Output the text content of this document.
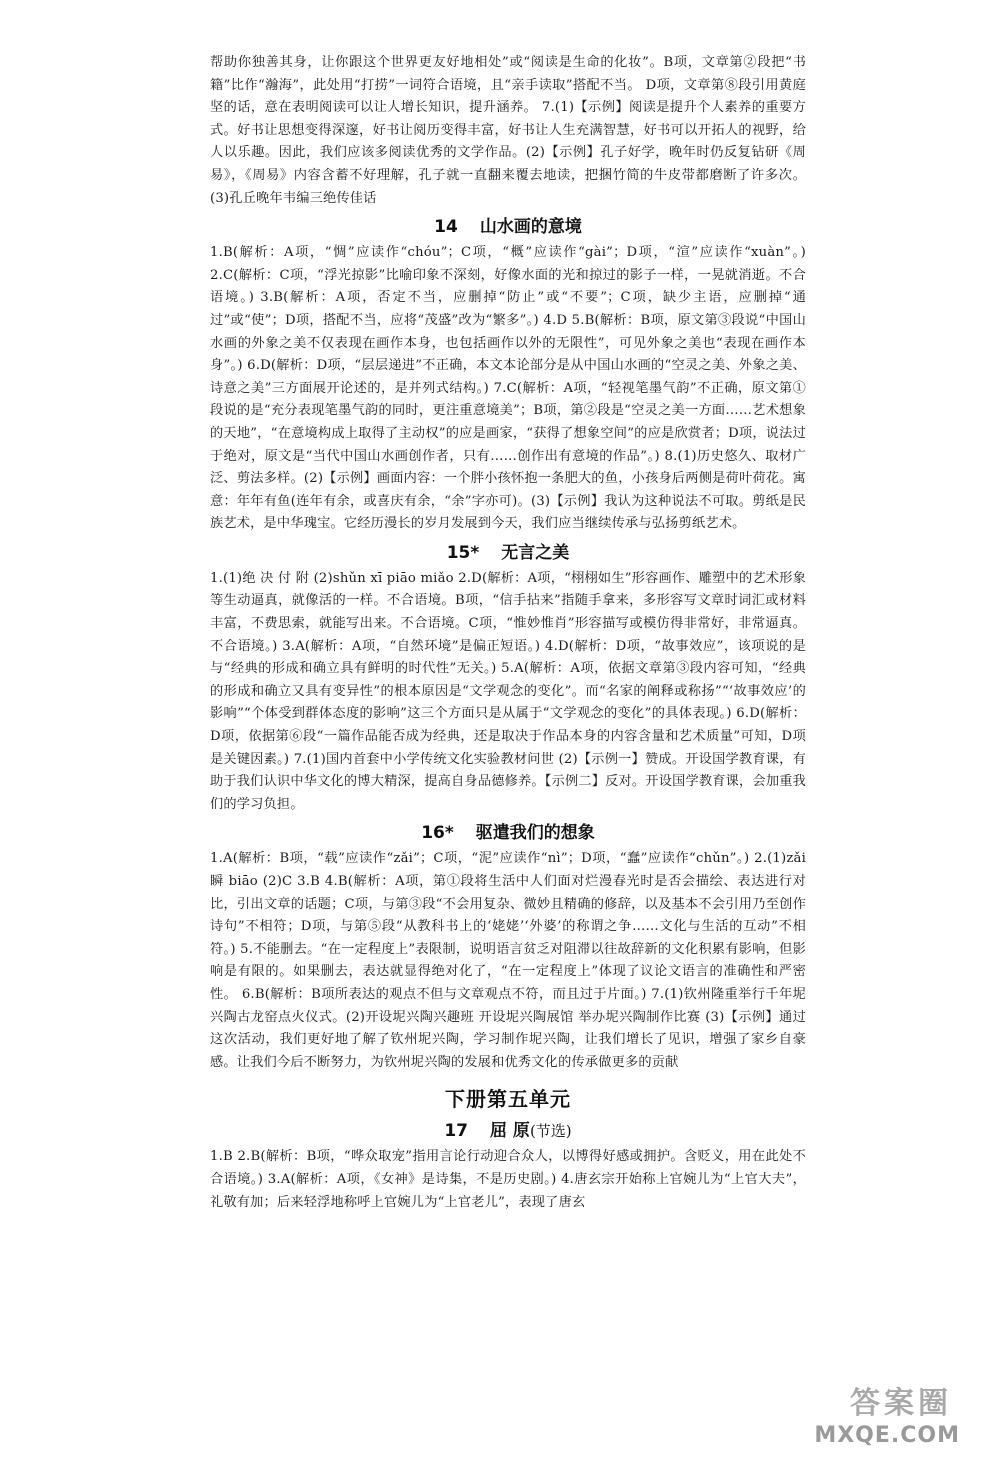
帮助你独善其身，让你跟这个世界更友好地相处”或“阅读是生命的化妆”。B项，文章第②段把“书籍”比作“瀚海”，此处用“打捞”一词符合语境，且“亲手读取”搭配不当。 D项，文章第⑧段引用黄庭坚的话，意在表明阅读可以让人增长知识，提升涵养。 7.(1)【示例】阅读是提升个人素养的重要方式。好书让思想变得深邃，好书让阅历变得丰富，好书让人生充满智慧，好书可以开拓人的视野，给人以乐趣。因此，我们应该多阅读优秀的文学作品。(2)【示例】孔子好学，晚年时仍反复钻研《周易》，《周易》内容含蓄不好理解，孔子就一直翻来覆去地读，把捆竹简的牛皮带都磨断了许多次。 (3)孔丘晚年韦编三绝传佳话

14 山水画的意境

1.B(解析：A项，“惆”应读作“chóu”；C项，“概”应读作“gài”；D项，“渲”应读作“xuàn”。) 2.C(解析：C项，“浮光掠影”比喻印象不深刻，好像水面的光和掠过的影子一样，一晃就消逝。不合语境。) 3.B(解析：A项，否定不当，应删掉“防止”或“不要”；C项，缺少主语，应删掉“通过”或“使”；D项，搭配不当，应将“茂盛”改为“繁多”。) 4.D 5.B(解析：B项，原文第③段说“中国山水画的外象之美不仅表现在画作本身，也包括画作以外的无限性”，可见外象之美也“表现在画作本身”。) 6.D(解析：D项，“层层递进”不正确，本文本论部分是从中国山水画的“空灵之美、外象之美、诗意之美”三方面展开论述的，是并列式结构。) 7.C(解析：A项，“轻视笔墨气韵”不正确，原文第①段说的是“充分表现笔墨气韵的同时，更注重意境美”；B项，第②段是“空灵之美一方面……艺术想象的天地”，“在意境构成上取得了主动权”的应是画家，“获得了想象空间”的应是欣赏者；D项，说法过于绝对，原文是“当代中国山水画创作者，只有……创作出有意境的作品”。) 8.(1)历史悠久、取材广泛、剪法多样。(2)【示例】画面内容：一个胖小孩怀抱一条肥大的鱼，小孩身后两侧是荷叶荷花。寓意：年年有鱼(连年有余，或喜庆有余，“余”字亦可)。(3)【示例】我认为这种说法不可取。剪纸是民族艺术，是中华瑰宝。它经历漫长的岁月发展到今天，我们应当继续传承与弘扬剪纸艺术。

15* 无言之美

1.(1)绝 决 付 附 (2)shǔn xī piāo miǎo 2.D(解析：A项，“栩栩如生”形容画作、雕塑中的艺术形象等生动逼真，就像活的一样。不合语境。B项，“信手拈来”指随手拿来，多形容写文章时词汇或材料丰富，不费思索，就能写出来。不合语境。C项，“惟妙惟肖”形容描写或模仿得非常好，非常逼真。不合语境。) 3.A(解析：A项，“自然环境”是偏正短语。) 4.D(解析：D项，“故事效应”，该项说的是与“经典的形成和确立具有鲜明的时代性”无关。) 5.A(解析：A项，依据文章第③段内容可知，“经典的形成和确立又具有变异性”的根本原因是“文学观念的变化”。而“名家的阐释或称扬”“‘故事效应’的影响”“个体受到群体态度的影响”这三个方面只是从属于“文学观念的变化”的具体表现。) 6.D(解析：D项，依据第⑥段“一篇作品能否成为经典，还是取决于作品本身的内容含量和艺术质量”可知，D项是关键因素。) 7.(1)国内首套中小学传统文化实验教材问世 (2)【示例一】赞成。开设国学教育课，有助于我们认识中华文化的博大精深，提高自身品德修养。【示例二】反对。开设国学教育课，会加重我们的学习负担。

16* 驱遣我们的想象

1.A(解析：B项，“载”应读作“zǎi”；C项，“泥”应读作“nì”；D项，“蠢”应读作“chǔn”。) 2.(1)zǎi 瞬 biāo (2)C 3.B 4.B(解析：A项，第①段将生活中人们面对烂漫春光时是否会描绘、表达进行对比，引出文章的话题；C项，与第③段“不会用复杂、微妙且精确的修辞，以及基本不会引用乃至创作诗句”不相符；D项，与第⑤段“从教科书上的‘姥姥’‘外婆’的称谓之争……文化与生活的互动”不相符。) 5.不能删去。“在一定程度上”表限制，说明语言贫乏对阻滞以往故辞新的文化积累有影响，但影响是有限的。如果删去，表达就显得绝对化了，“在一定程度上”体现了议论文语言的准确性和严密性。 6.B(解析：B项所表达的观点不但与文章观点不符，而且过于片面。) 7.(1)钦州隆重举行千年坭兴陶古龙窑点火仪式。(2)开设坭兴陶兴趣班 开设坭兴陶展馆 举办坭兴陶制作比赛 (3)【示例】通过这次活动，我们更好地了解了钦州坭兴陶，学习制作坭兴陶，让我们增长了见识，增强了家乡自豪感。让我们今后不断努力，为钦州坭兴陶的发展和优秀文化的传承做更多的贡献

下册第五单元
17 屈 原(节选)

1.B 2.B(解析：B项，“哗众取宠”指用言论行动迎合众人，以博得好感或拥护。含贬义，用在此处不合语境。) 3.A(解析：A项，《女神》是诗集，不是历史剧。) 4.唐玄宗开始称上官婉儿为“上官大夫”，礼敬有加；后来轻浮地称呼上官婉儿为“上官老儿”，表现了唐玄

答案圈
MXQE.COM
